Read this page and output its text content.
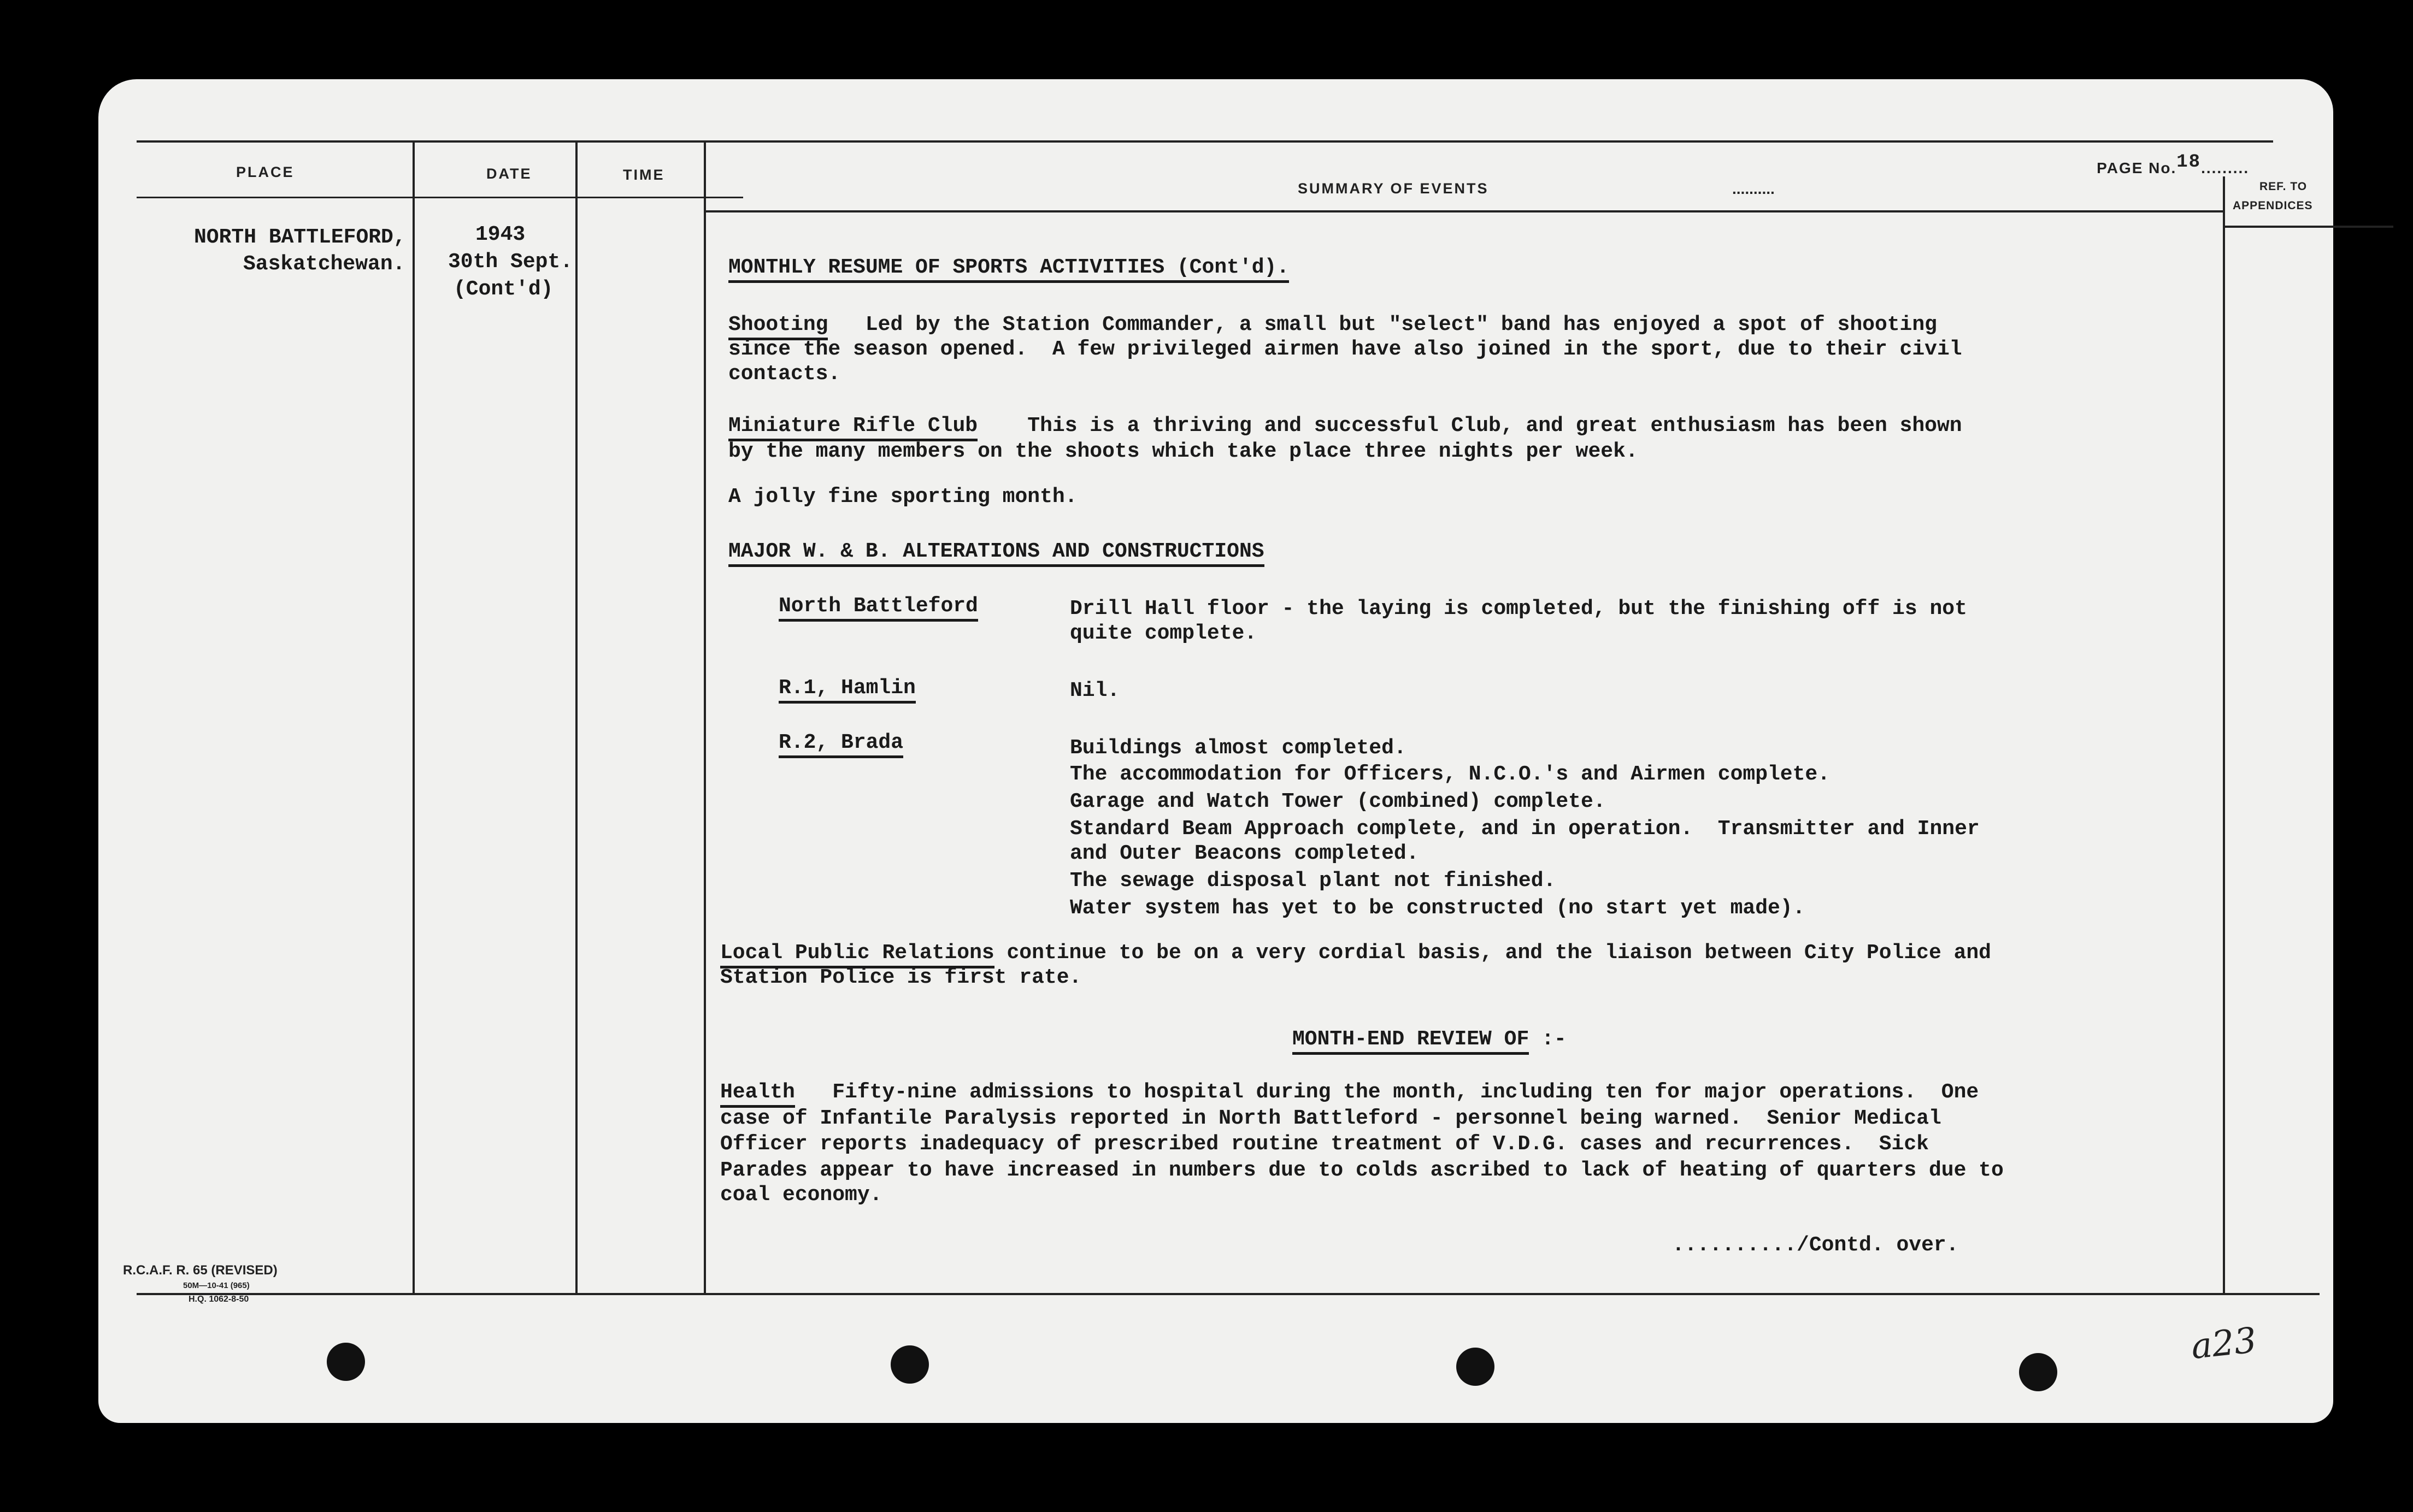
PLACE	DATE	TIME
SUMMARY OF EVENTS	..........	REF. TO
APPENDICES

PAGE No.18.........

NORTH BATTLEFORD,
Saskatchewan.
1943
30th Sept.
(Cont'd)
MONTHLY RESUME OF SPORTS ACTIVITIES (Cont'd).
Shooting   Led by the Station Commander, a small but "select" band has enjoyed a spot of shooting
since the season opened.  A few privileged airmen have also joined in the sport, due to their civil
contacts.
Miniature Rifle Club    This is a thriving and successful Club, and great enthusiasm has been shown
by the many members on the shoots which take place three nights per week.
A jolly fine sporting month.
MAJOR W. & B. ALTERATIONS AND CONSTRUCTIONS
North Battleford	Drill Hall floor - the laying is completed, but the finishing off is not
quite complete.
R.1, Hamlin	Nil.
R.2, Brada	Buildings almost completed.
The accommodation for Officers, N.C.O.'s and Airmen complete.
Garage and Watch Tower (combined) complete.
Standard Beam Approach complete, and in operation.  Transmitter and Inner
and Outer Beacons completed.
The sewage disposal plant not finished.
Water system has yet to be constructed (no start yet made).
Local Public Relations continue to be on a very cordial basis, and the liaison between City Police and
Station Police is first rate.
MONTH-END REVIEW OF :-
Health   Fifty-nine admissions to hospital during the month, including ten for major operations.  One
case of Infantile Paralysis reported in North Battleford - personnel being warned.  Senior Medical
Officer reports inadequacy of prescribed routine treatment of V.D.G. cases and recurrences.  Sick
Parades appear to have increased in numbers due to colds ascribed to lack of heating of quarters due to
coal economy.
........../Contd. over.
R.C.A.F. R. 65 (REVISED)
50M—10-41 (965)
H.Q. 1062-8-50
a23
